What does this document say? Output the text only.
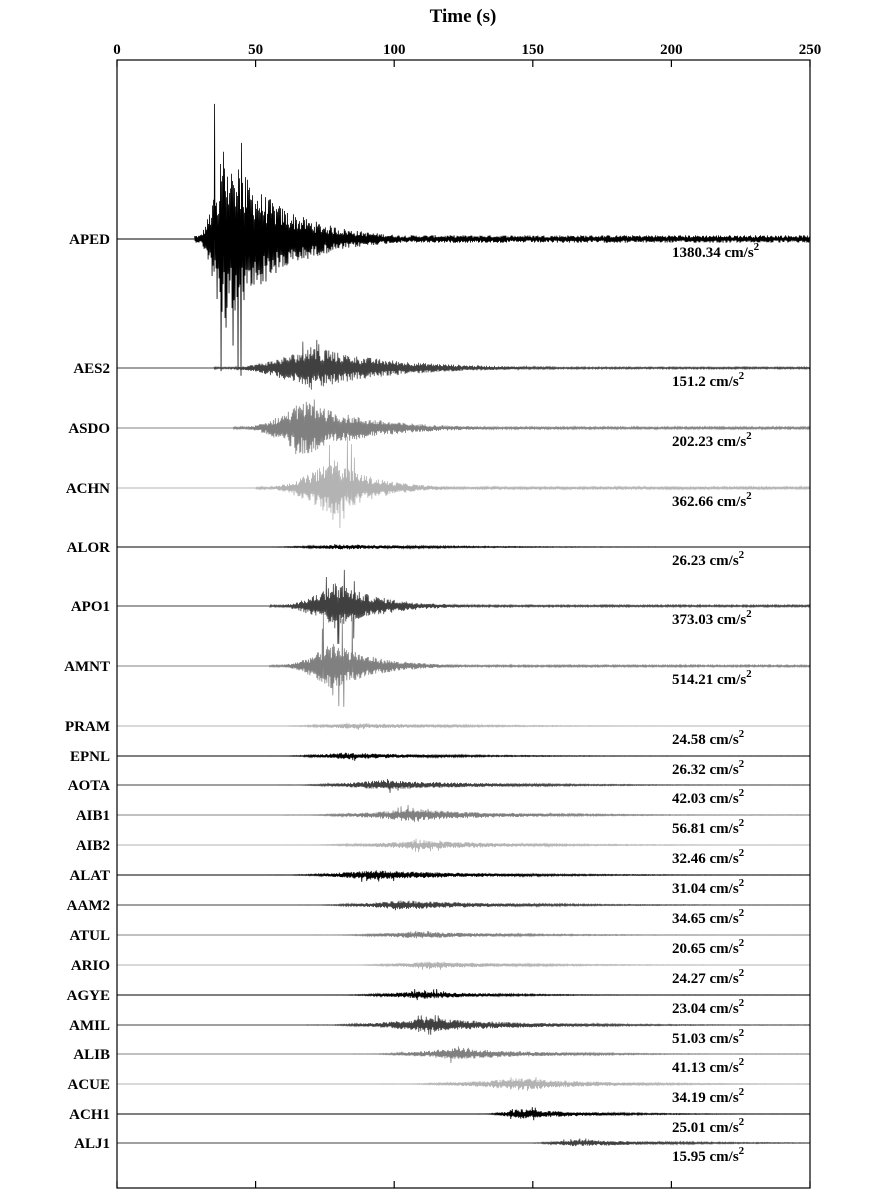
Time (s)
0	50	100	150	200	250
APED
1380.34 $cm/s^2$
AES2
151.2 $cm/s^2$
ASDO
202.23 $cm/s^2$
ACHN
362.66 $cm/s^2$
ALOR
26.23 $cm/s^2$
APO1
373.03 $cm/s^2$
AMNT
514.21 $cm/s^2$
PRAM
24.58 $cm/s^2$
EPNL
26.32 $cm/s^2$
AOTA
42.03 $cm/s^2$
AIB1
56.81 $cm/s^2$
AIB2
32.46 $cm/s^2$
ALAT
31.04 $cm/s^2$
AAM2
34.65 $cm/s^2$
ATUL
20.65 $cm/s^2$
ARIO
24.27 $cm/s^2$
AGYE
23.04 $cm/s^2$
AMIL
51.03 $cm/s^2$
ALIB
41.13 $cm/s^2$
ACUE
34.19 $cm/s^2$
ACH1
25.01 $cm/s^2$
ALJ1
15.95 $cm/s^2$
